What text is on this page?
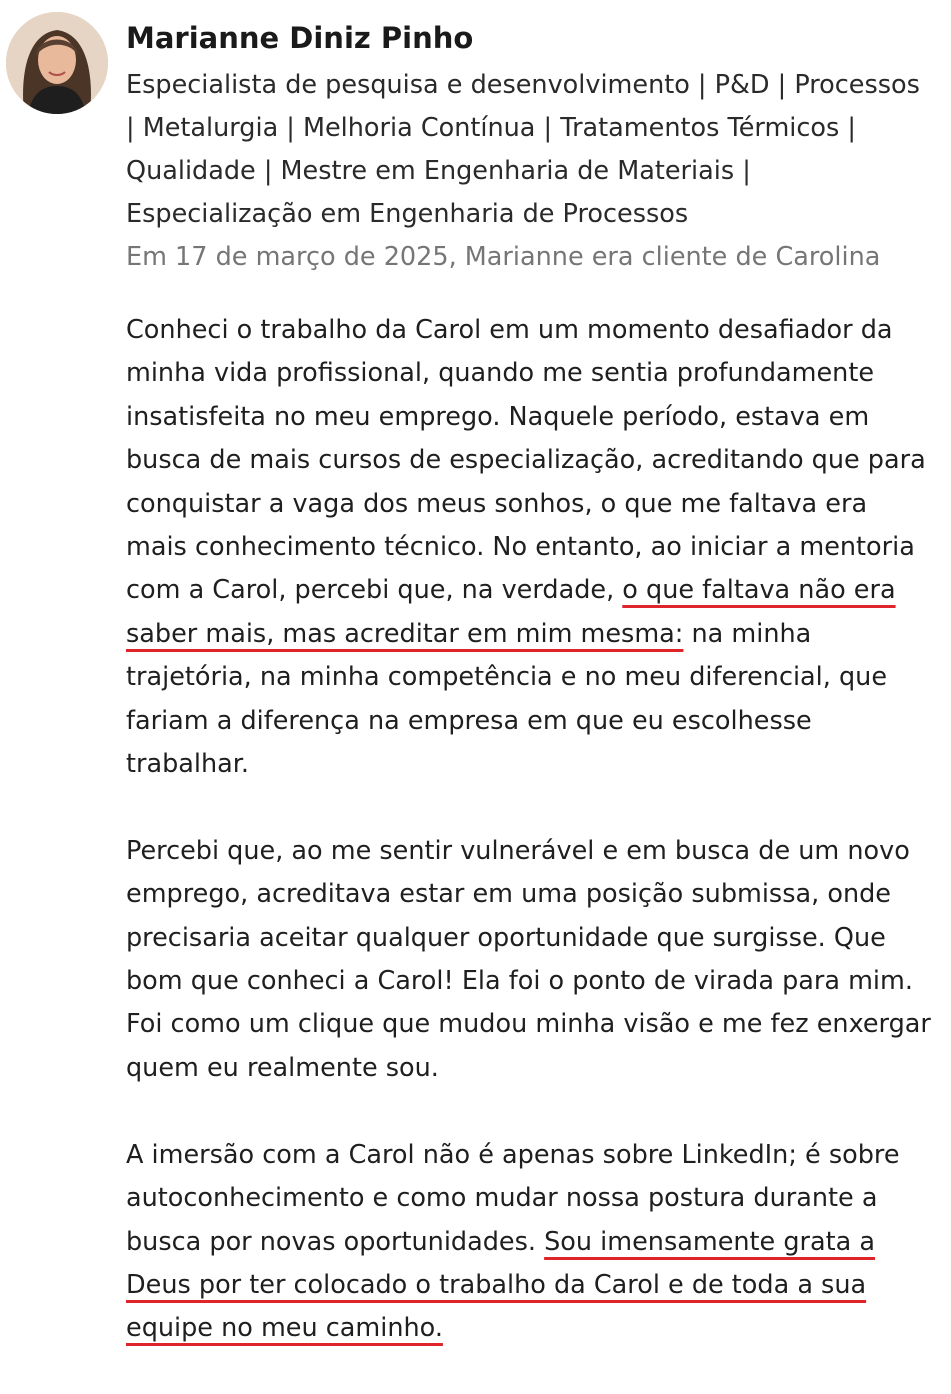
Marianne Diniz Pinho
Especialista de pesquisa e desenvolvimento | P&D | Processos | Metalurgia | Melhoria Contínua | Tratamentos Térmicos | Qualidade | Mestre em Engenharia de Materiais | Especialização em Engenharia de Processos
Em 17 de março de 2025, Marianne era cliente de Carolina

Conheci o trabalho da Carol em um momento desafiador da minha vida profissional, quando me sentia profundamente insatisfeita no meu emprego. Naquele período, estava em busca de mais cursos de especialização, acreditando que para conquistar a vaga dos meus sonhos, o que me faltava era mais conhecimento técnico. No entanto, ao iniciar a mentoria com a Carol, percebi que, na verdade, o que faltava não era saber mais, mas acreditar em mim mesma: na minha trajetória, na minha competência e no meu diferencial, que fariam a diferença na empresa em que eu escolhesse trabalhar.

Percebi que, ao me sentir vulnerável e em busca de um novo emprego, acreditava estar em uma posição submissa, onde precisaria aceitar qualquer oportunidade que surgisse. Que bom que conheci a Carol! Ela foi o ponto de virada para mim. Foi como um clique que mudou minha visão e me fez enxergar quem eu realmente sou.

A imersão com a Carol não é apenas sobre LinkedIn; é sobre autoconhecimento e como mudar nossa postura durante a busca por novas oportunidades. Sou imensamente grata a Deus por ter colocado o trabalho da Carol e de toda a sua equipe no meu caminho.
